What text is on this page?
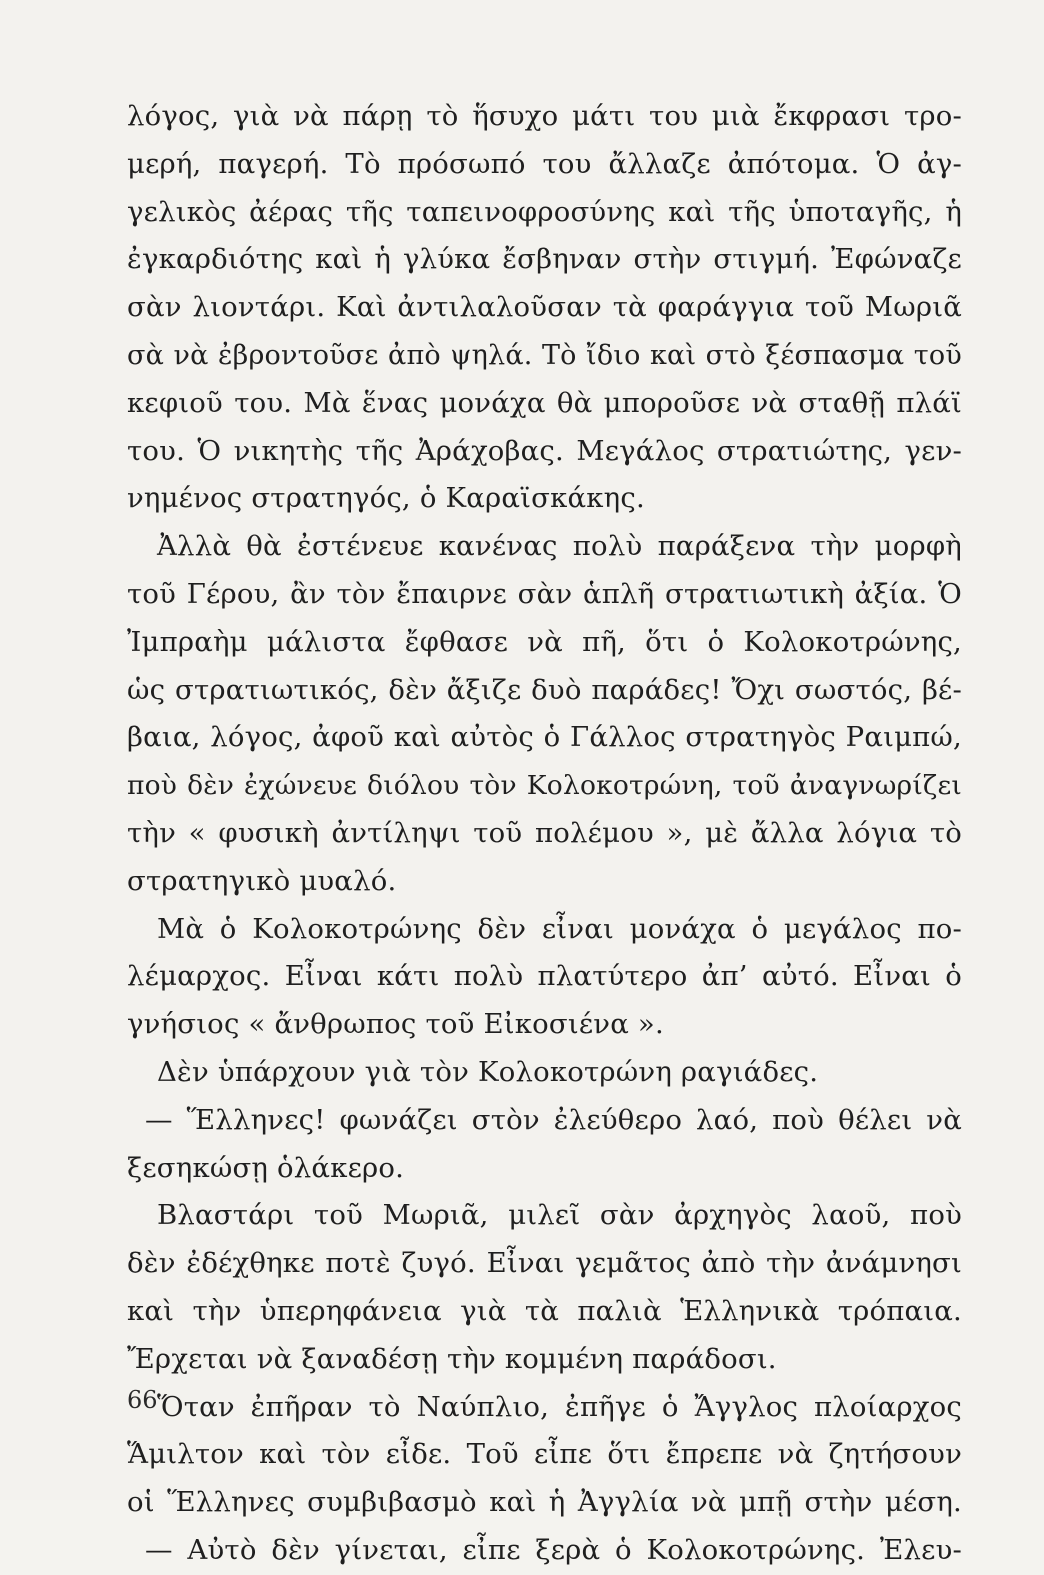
λόγος, γιὰ νὰ πάρῃ τὸ ἥσυχο μάτι του μιὰ ἔκφρασι τρο-
μερή, παγερή. Τὸ πρόσωπό του ἄλλαζε ἀπότομα. Ὁ ἀγ-
γελικὸς ἀέρας τῆς ταπεινοφροσύνης καὶ τῆς ὑποταγῆς, ἡ
ἐγκαρδιότης καὶ ἡ γλύκα ἔσβηναν στὴν στιγμή. Ἐφώναζε
σὰν λιοντάρι. Καὶ ἀντιλαλοῦσαν τὰ φαράγγια τοῦ Μωριᾶ
σὰ νὰ ἐβροντοῦσε ἀπὸ ψηλά. Τὸ ἴδιο καὶ στὸ ξέσπασμα τοῦ
κεφιοῦ του. Μὰ ἕνας μονάχα θὰ μποροῦσε νὰ σταθῇ πλάϊ
του. Ὁ νικητὴς τῆς Ἀράχοβας. Μεγάλος στρατιώτης, γεν-
νημένος στρατηγός, ὁ Καραϊσκάκης.
Ἀλλὰ θὰ ἐστένευε κανένας πολὺ παράξενα τὴν μορφὴ
τοῦ Γέρου, ἂν τὸν ἔπαιρνε σὰν ἁπλῆ στρατιωτικὴ ἀξία. Ὁ
Ἰμπραὴμ μάλιστα ἔφθασε νὰ πῆ, ὅτι ὁ Κολοκοτρώνης,
ὡς στρατιωτικός, δὲν ἄξιζε δυὸ παράδες! Ὄχι σωστός, βέ-
βαια, λόγος, ἀφοῦ καὶ αὐτὸς ὁ Γάλλος στρατηγὸς Ραιμπώ,
ποὺ δὲν ἐχώνευε διόλου τὸν Κολοκοτρώνη, τοῦ ἀναγνωρίζει
τὴν « φυσικὴ ἀντίληψι τοῦ πολέμου », μὲ ἄλλα λόγια τὸ
στρατηγικὸ μυαλό.
Μὰ ὁ Κολοκοτρώνης δὲν εἶναι μονάχα ὁ μεγάλος πο-
λέμαρχος. Εἶναι κάτι πολὺ πλατύτερο ἀπ’ αὐτό. Εἶναι ὁ
γνήσιος « ἄνθρωπος τοῦ Εἰκοσιένα ».
Δὲν ὑπάρχουν γιὰ τὸν Κολοκοτρώνη ραγιάδες.
— Ἕλληνες! φωνάζει στὸν ἐλεύθερο λαό, ποὺ θέλει νὰ
ξεσηκώσῃ ὁλάκερο.
Βλαστάρι τοῦ Μωριᾶ, μιλεῖ σὰν ἀρχηγὸς λαοῦ, ποὺ
δὲν ἐδέχθηκε ποτὲ ζυγό. Εἶναι γεμᾶτος ἀπὸ τὴν ἀνάμνησι
καὶ τὴν ὑπερηφάνεια γιὰ τὰ παλιὰ Ἑλληνικὰ τρόπαια.
Ἔρχεται νὰ ξαναδέσῃ τὴν κομμένη παράδοσι.
Ὅταν ἐπῆραν τὸ Ναύπλιο, ἐπῆγε ὁ Ἄγγλος πλοίαρχος
Ἅμιλτον καὶ τὸν εἶδε. Τοῦ εἶπε ὅτι ἔπρεπε νὰ ζητήσουν
οἱ Ἕλληνες συμβιβασμὸ καὶ ἡ Ἀγγλία νὰ μπῇ στὴν μέση.
— Αὐτὸ δὲν γίνεται, εἶπε ξερὰ ὁ Κολοκοτρώνης. Ἐλευ-
66
